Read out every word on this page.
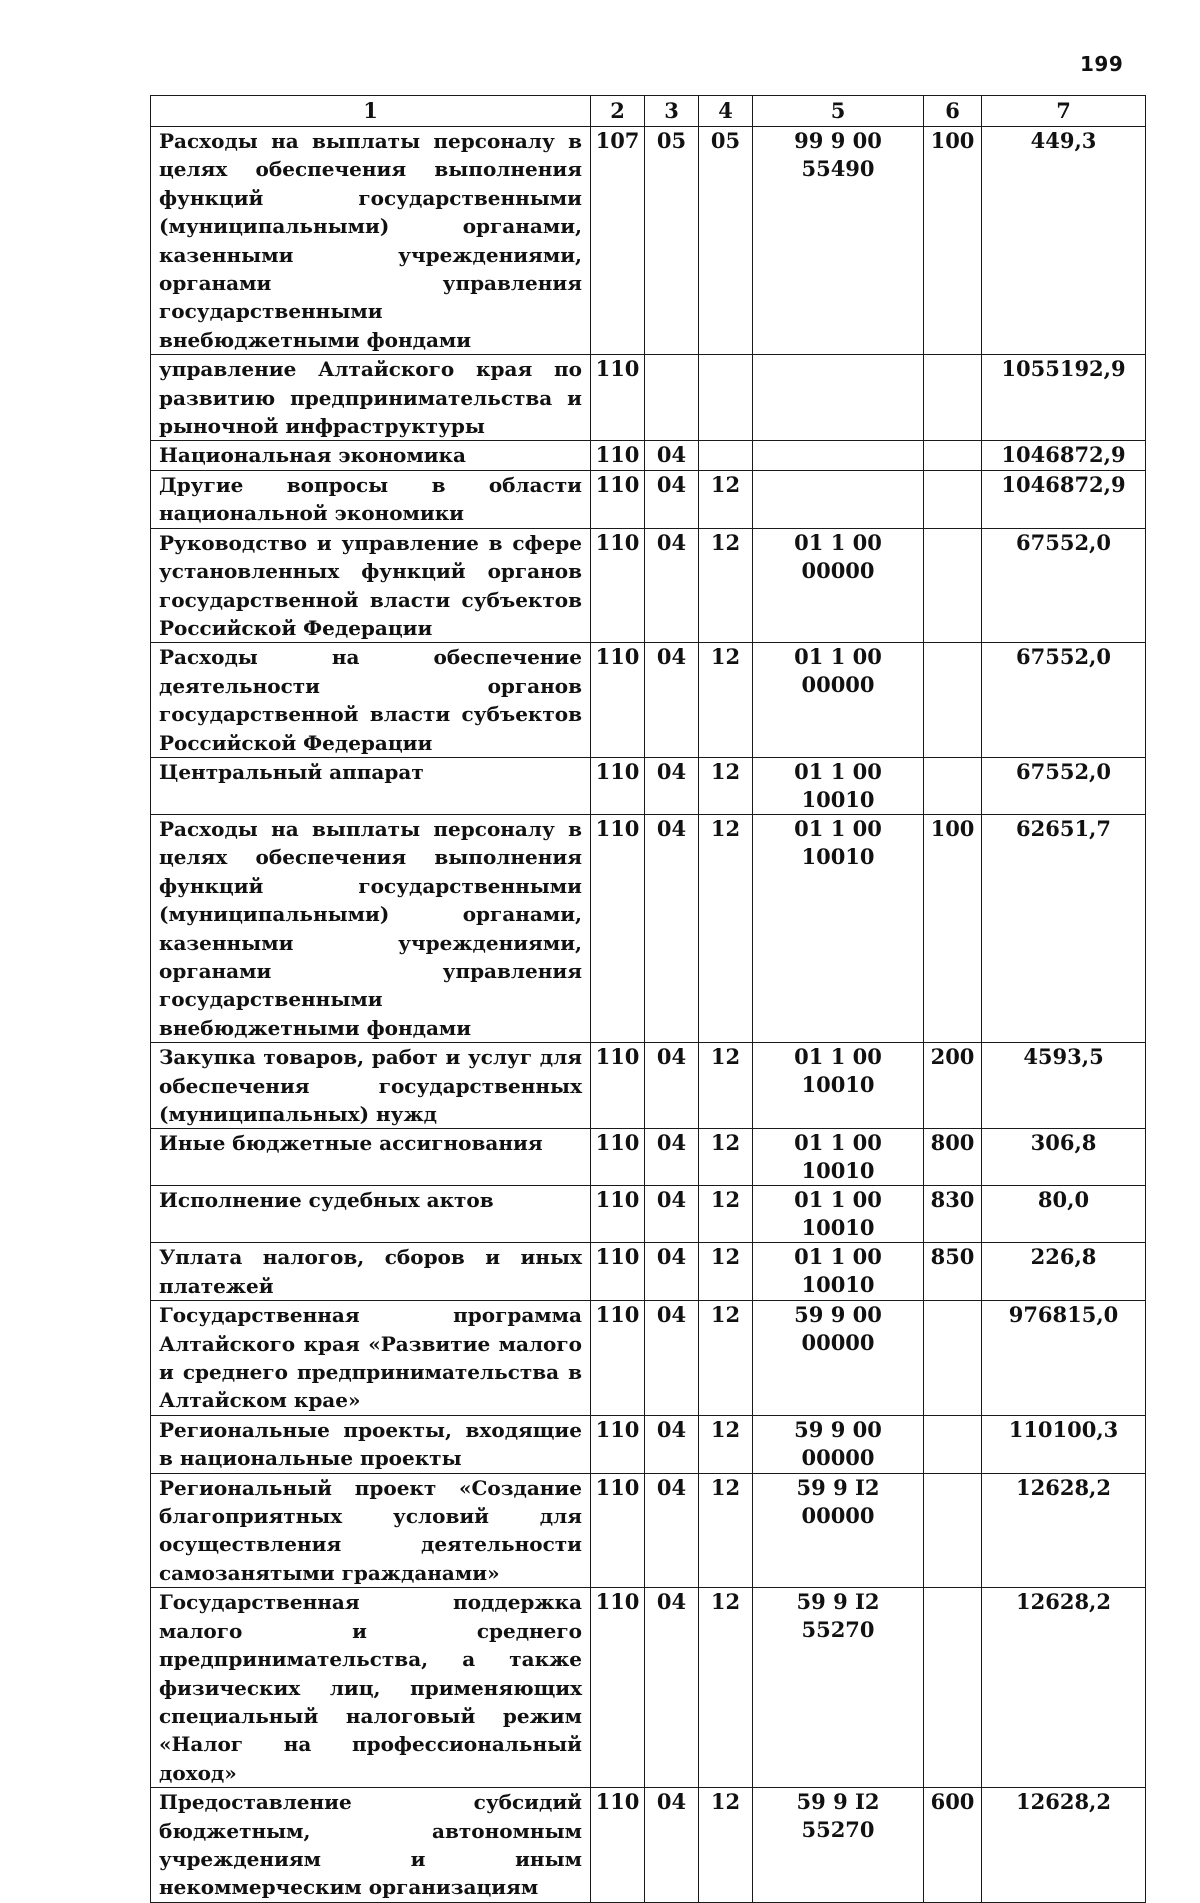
199
1	2	3	4	5	6	7
Расходы на выплаты персоналу в целях обеспечения выполнения функций государственными (муниципальными) органами, казенными учреждениями, органами управления государственными внебюджетными фондами	107	05	05	99 9 00 55490	100	449,3
управление Алтайского края по развитию предпринимательства и рыночной инфраструктуры	110					1055192,9
Национальная экономика	110	04				1046872,9
Другие вопросы в области национальной экономики	110	04	12			1046872,9
Руководство и управление в сфере установленных функций органов государственной власти субъектов Российской Федерации	110	04	12	01 1 00 00000		67552,0
Расходы на обеспечение деятельности органов государственной власти субъектов Российской Федерации	110	04	12	01 1 00 00000		67552,0
Центральный аппарат	110	04	12	01 1 00 10010		67552,0
Расходы на выплаты персоналу в целях обеспечения выполнения функций государственными (муниципальными) органами, казенными учреждениями, органами управления государственными внебюджетными фондами	110	04	12	01 1 00 10010	100	62651,7
Закупка товаров, работ и услуг для обеспечения государственных (муниципальных) нужд	110	04	12	01 1 00 10010	200	4593,5
Иные бюджетные ассигнования	110	04	12	01 1 00 10010	800	306,8
Исполнение судебных актов	110	04	12	01 1 00 10010	830	80,0
Уплата налогов, сборов и иных платежей	110	04	12	01 1 00 10010	850	226,8
Государственная программа Алтайского края «Развитие малого и среднего предпринимательства в Алтайском крае»	110	04	12	59 9 00 00000		976815,0
Региональные проекты, входящие в национальные проекты	110	04	12	59 9 00 00000		110100,3
Региональный проект «Создание благоприятных условий для осуществления деятельности самозанятыми гражданами»	110	04	12	59 9 I2 00000		12628,2
Государственная поддержка малого и среднего предпринимательства, а также физических лиц, применяющих специальный налоговый режим «Налог на профессиональный доход»	110	04	12	59 9 I2 55270		12628,2
Предоставление субсидий бюджетным, автономным учреждениям и иным некоммерческим организациям	110	04	12	59 9 I2 55270	600	12628,2
